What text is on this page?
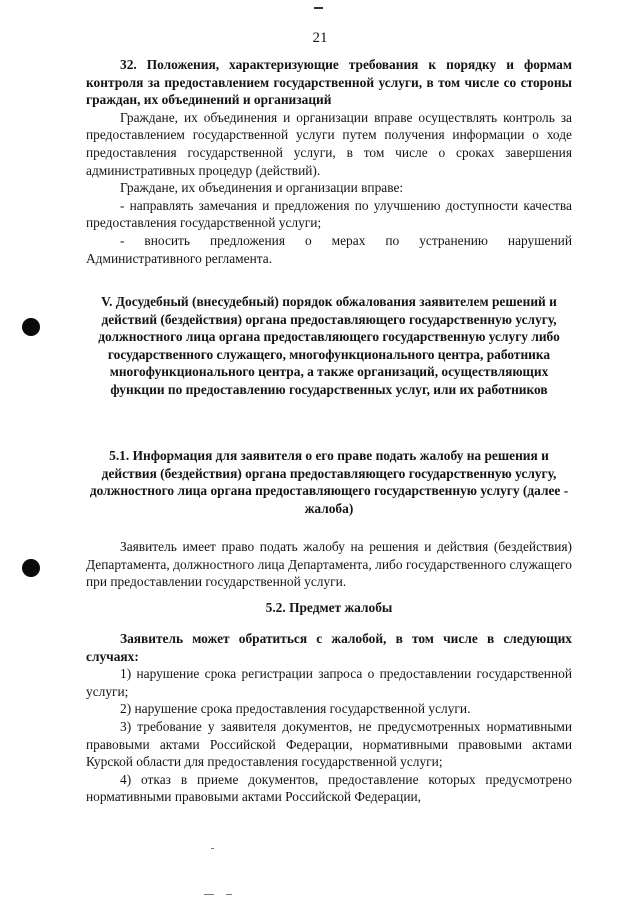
21

32. Положения, характеризующие требования к порядку и формам контроля за предоставлением государственной услуги, в том числе со стороны граждан, их объединений и организаций

Граждане, их объединения и организации вправе осуществлять контроль за предоставлением государственной услуги путем получения информации о ходе предоставления государственной услуги, в том числе о сроках завершения административных процедур (действий).

Граждане, их объединения и организации вправе:

- направлять замечания и предложения по улучшению доступности качества предоставления государственной услуги;

- вносить предложения о мерах по устранению нарушений Административного регламента.

V. Досудебный (внесудебный) порядок обжалования заявителем решений и действий (бездействия) органа предоставляющего государственную услугу, должностного лица органа предоставляющего государственную услугу либо государственного служащего, многофункционального центра, работника многофункционального центра, а также организаций, осуществляющих функции по предоставлению государственных услуг, или их работников

5.1. Информация для заявителя о его праве подать жалобу на решения и действия (бездействия) органа предоставляющего государственную услугу, должностного лица органа предоставляющего государственную услугу (далее - жалоба)

Заявитель имеет право подать жалобу на решения и действия (бездействия) Департамента, должностного лица Департамента, либо государственного служащего при предоставлении государственной услуги.

5.2. Предмет жалобы

Заявитель может обратиться с жалобой, в том числе в следующих случаях:

1) нарушение срока регистрации запроса о предоставлении государственной услуги;

2) нарушение срока предоставления государственной услуги.

3) требование у заявителя документов, не предусмотренных нормативными правовыми актами Российской Федерации, нормативными правовыми актами Курской области для предоставления государственной услуги;

4) отказ в приеме документов, предоставление которых предусмотрено нормативными правовыми актами Российской Федерации,
